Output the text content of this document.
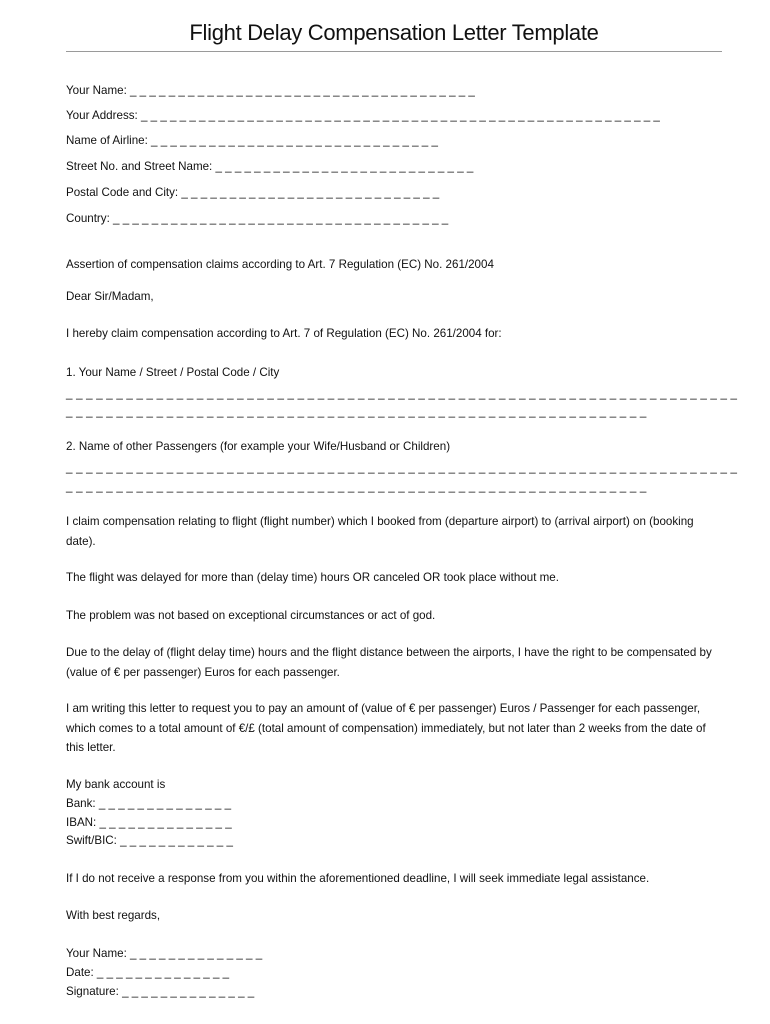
Flight Delay Compensation Letter Template
Your Name: _ _ _ _ _ _ _ _ _ _ _ _ _ _ _ _ _ _ _ _ _ _ _ _ _ _ _ _ _ _ _ _ _ _ _ _
Your Address: _ _ _ _ _ _ _ _ _ _ _ _ _ _ _ _ _ _ _ _ _ _ _ _ _ _ _ _ _ _ _ _ _ _ _ _ _ _ _ _ _ _ _ _ _ _ _ _ _ _ _ _ _ _
Name of Airline: _ _ _ _ _ _ _ _ _ _ _ _ _ _ _ _ _ _ _ _ _ _ _ _ _ _ _ _ _ _
Street No. and Street Name: _ _ _ _ _ _ _ _ _ _ _ _ _ _ _ _ _ _ _ _ _ _ _ _ _ _ _
Postal Code and City: _ _ _ _ _ _ _ _ _ _ _ _ _ _ _ _ _ _ _ _ _ _ _ _ _ _ _
Country: _ _ _ _ _ _ _ _ _ _ _ _ _ _ _ _ _ _ _ _ _ _ _ _ _ _ _ _ _ _ _ _ _ _ _
Assertion of compensation claims according to Art. 7 Regulation (EC) No. 261/2004
Dear Sir/Madam,
I hereby claim compensation according to Art. 7 of Regulation (EC) No. 261/2004 for:
1. Your Name / Street / Postal Code / City
_ _ _ _ _ _ _ _ _ _ _ _ _ _ _ _ _ _ _ _ _ _ _ _ _ _ _ _ _ _ _ _ _ _ _ _ _ _ _ _ _ _ _ _ _ _ _ _ _ _ _ _ _ _ _ _ _ _ _ _ _ _ _ _ _ _ _
_ _ _ _ _ _ _ _ _ _ _ _ _ _ _ _ _ _ _ _ _ _ _ _ _ _ _ _ _ _ _ _ _ _ _ _ _ _ _ _ _ _ _ _ _ _ _ _ _ _ _ _ _ _ _ _ _ _
2. Name of other Passengers (for example your Wife/Husband or Children)
_ _ _ _ _ _ _ _ _ _ _ _ _ _ _ _ _ _ _ _ _ _ _ _ _ _ _ _ _ _ _ _ _ _ _ _ _ _ _ _ _ _ _ _ _ _ _ _ _ _ _ _ _ _ _ _ _ _ _ _ _ _ _ _ _ _ _
_ _ _ _ _ _ _ _ _ _ _ _ _ _ _ _ _ _ _ _ _ _ _ _ _ _ _ _ _ _ _ _ _ _ _ _ _ _ _ _ _ _ _ _ _ _ _ _ _ _ _ _ _ _ _ _ _ _
I claim compensation relating to flight (flight number) which I booked from (departure airport) to (arrival airport) on (booking date).
The flight was delayed for more than (delay time) hours OR canceled OR took place without me.
The problem was not based on exceptional circumstances or act of god.
Due to the delay of (flight delay time) hours and the flight distance between the airports, I have the right to be compensated by (value of € per passenger) Euros for each passenger.
I am writing this letter to request you to pay an amount of (value of € per passenger) Euros / Passenger for each passenger, which comes to a total amount of €/£ (total amount of compensation) immediately, but not later than 2 weeks from the date of this letter.
My bank account is
Bank: _ _ _ _ _ _ _ _ _ _ _ _ _ _
IBAN: _ _ _ _ _ _ _ _ _ _ _ _ _ _
Swift/BIC: _ _ _ _ _ _ _ _ _ _ _ _
If I do not receive a response from you within the aforementioned deadline, I will seek immediate legal assistance.
With best regards,
Your Name: _ _ _ _ _ _ _ _ _ _ _ _ _ _
Date: _ _ _ _ _ _ _ _ _ _ _ _ _ _
Signature: _ _ _ _ _ _ _ _ _ _ _ _ _ _
